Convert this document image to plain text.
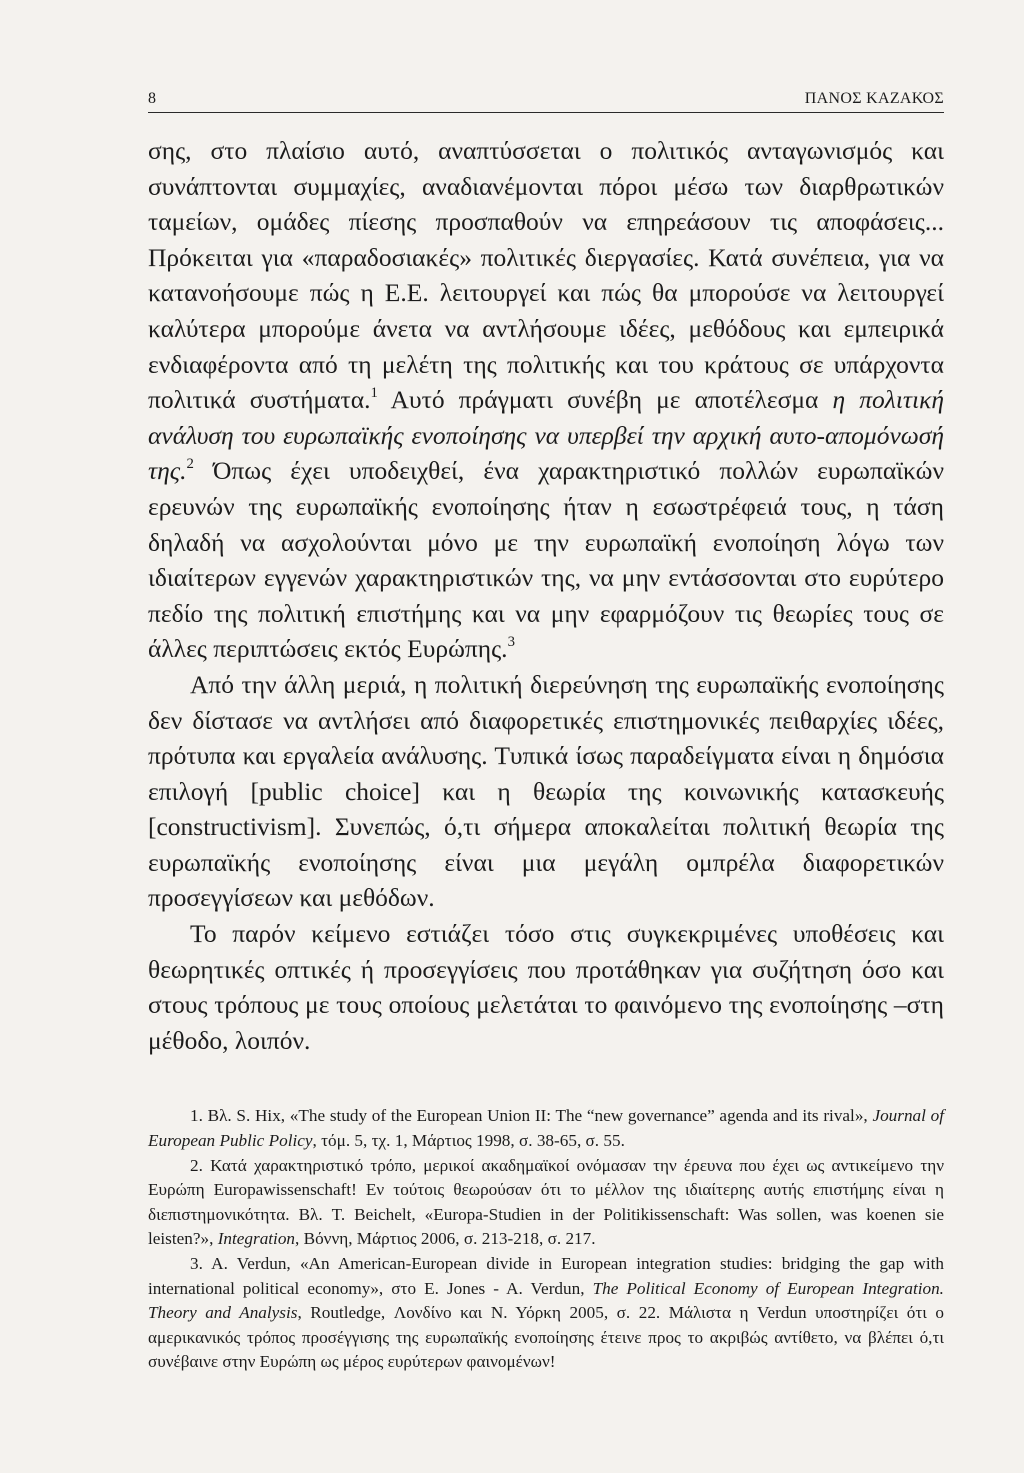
8	ΠΑΝΟΣ ΚΑΖΑΚΟΣ

σης, στο πλαίσιο αυτό, αναπτύσσεται ο πολιτικός ανταγωνισμός και συνάπτονται συμμαχίες, αναδιανέμονται πόροι μέσω των διαρθρωτικών ταμείων, ομάδες πίεσης προσπαθούν να επηρεάσουν τις αποφάσεις... Πρόκειται για «παραδοσιακές» πολιτικές διεργασίες. Κατά συνέπεια, για να κατανοήσουμε πώς η Ε.Ε. λειτουργεί και πώς θα μπορούσε να λειτουργεί καλύτερα μπορούμε άνετα να αντλήσουμε ιδέες, μεθόδους και εμπειρικά ενδιαφέροντα από τη μελέτη της πολιτικής και του κράτους σε υπάρχοντα πολιτικά συστήματα.$^1$ Αυτό πράγματι συνέβη με αποτέλεσμα η πολιτική ανάλυση του ευρωπαϊκής ενοποίησης να υπερβεί την αρχική αυτο-απομόνωσή της.$^2$ Όπως έχει υποδειχθεί, ένα χαρακτηριστικό πολλών ευρωπαϊκών ερευνών της ευρωπαϊκής ενοποίησης ήταν η εσωστρέφειά τους, η τάση δηλαδή να ασχολούνται μόνο με την ευρωπαϊκή ενοποίηση λόγω των ιδιαίτερων εγγενών χαρακτηριστικών της, να μην εντάσσονται στο ευρύτερο πεδίο της πολιτική επιστήμης και να μην εφαρμόζουν τις θεωρίες τους σε άλλες περιπτώσεις εκτός Ευρώπης.$^3$

Από την άλλη μεριά, η πολιτική διερεύνηση της ευρωπαϊκής ενοποίησης δεν δίστασε να αντλήσει από διαφορετικές επιστημονικές πειθαρχίες ιδέες, πρότυπα και εργαλεία ανάλυσης. Τυπικά ίσως παραδείγματα είναι η δημόσια επιλογή [public choice] και η θεωρία της κοινωνικής κατασκευής [constructivism]. Συνεπώς, ό,τι σήμερα αποκαλείται πολιτική θεωρία της ευρωπαϊκής ενοποίησης είναι μια μεγάλη ομπρέλα διαφορετικών προσεγγίσεων και μεθόδων.

Το παρόν κείμενο εστιάζει τόσο στις συγκεκριμένες υποθέσεις και θεωρητικές οπτικές ή προσεγγίσεις που προτάθηκαν για συζήτηση όσο και στους τρόπους με τους οποίους μελετάται το φαινόμενο της ενοποίησης –στη μέθοδο, λοιπόν.

1. Βλ. S. Hix, «The study of the European Union II: The “new governance” agenda and its rival», Journal of European Public Policy, τόμ. 5, τχ. 1, Μάρτιος 1998, σ. 38-65, σ. 55.

2. Κατά χαρακτηριστικό τρόπο, μερικοί ακαδημαϊκοί ονόμασαν την έρευνα που έχει ως αντικείμενο την Ευρώπη Europawissenschaft! Εν τούτοις θεωρούσαν ότι το μέλλον της ιδιαίτερης αυτής επιστήμης είναι η διεπιστημονικότητα. Βλ. T. Beichelt, «Europa-Studien in der Politikissenschaft: Was sollen, was koenen sie leisten?», Integration, Βόννη, Μάρτιος 2006, σ. 213-218, σ. 217.

3. A. Verdun, «An American-European divide in European integration studies: bridging the gap with international political economy», στο E. Jones - A. Verdun, The Political Economy of European Integration. Theory and Analysis, Routledge, Λονδίνο και Ν. Υόρκη 2005, σ. 22. Μάλιστα η Verdun υποστηρίζει ότι ο αμερικανικός τρόπος προσέγγισης της ευρωπαϊκής ενοποίησης έτεινε προς το ακριβώς αντίθετο, να βλέπει ό,τι συνέβαινε στην Ευρώπη ως μέρος ευρύτερων φαινομένων!
